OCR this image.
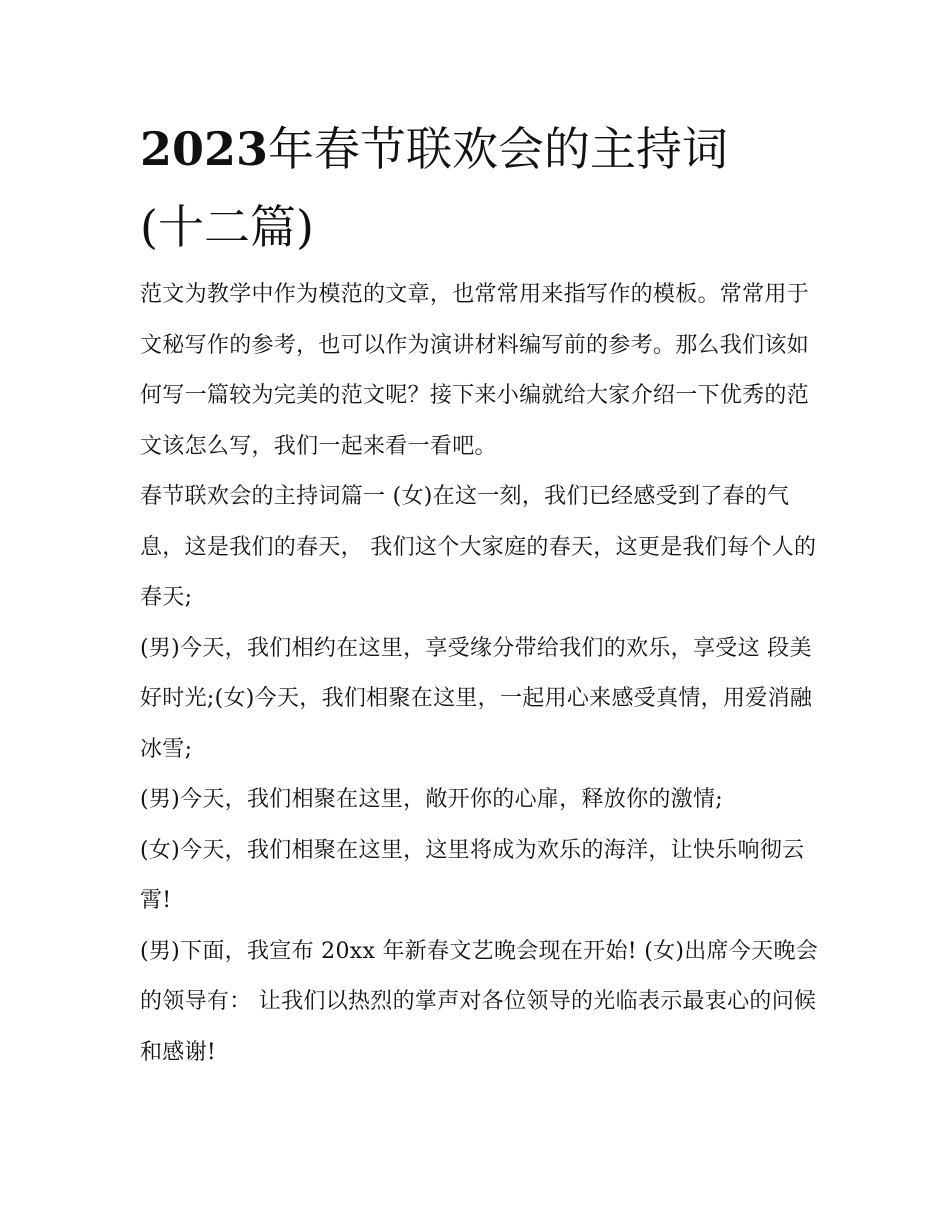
2023年春节联欢会的主持词
(十二篇)

范文为教学中作为模范的文章，也常常用来指写作的模板。常常用于文秘写作的参考，也可以作为演讲材料编写前的参考。那么我们该如何写一篇较为完美的范文呢？接下来小编就给大家介绍一下优秀的范文该怎么写，我们一起来看一看吧。

春节联欢会的主持词篇一 (女)在这一刻，我们已经感受到了春的气息，这是我们的春天， 我们这个大家庭的春天，这更是我们每个人的春天;

(男)今天，我们相约在这里，享受缘分带给我们的欢乐，享受这 段美好时光;(女)今天，我们相聚在这里，一起用心来感受真情，用爱消融冰雪;

(男)今天，我们相聚在这里，敞开你的心扉，释放你的激情;

(女)今天，我们相聚在这里，这里将成为欢乐的海洋，让快乐响彻云霄!

(男)下面，我宣布 20xx 年新春文艺晚会现在开始! (女)出席今天晚会的领导有： 让我们以热烈的掌声对各位领导的光临表示最衷心的问候和感谢!
